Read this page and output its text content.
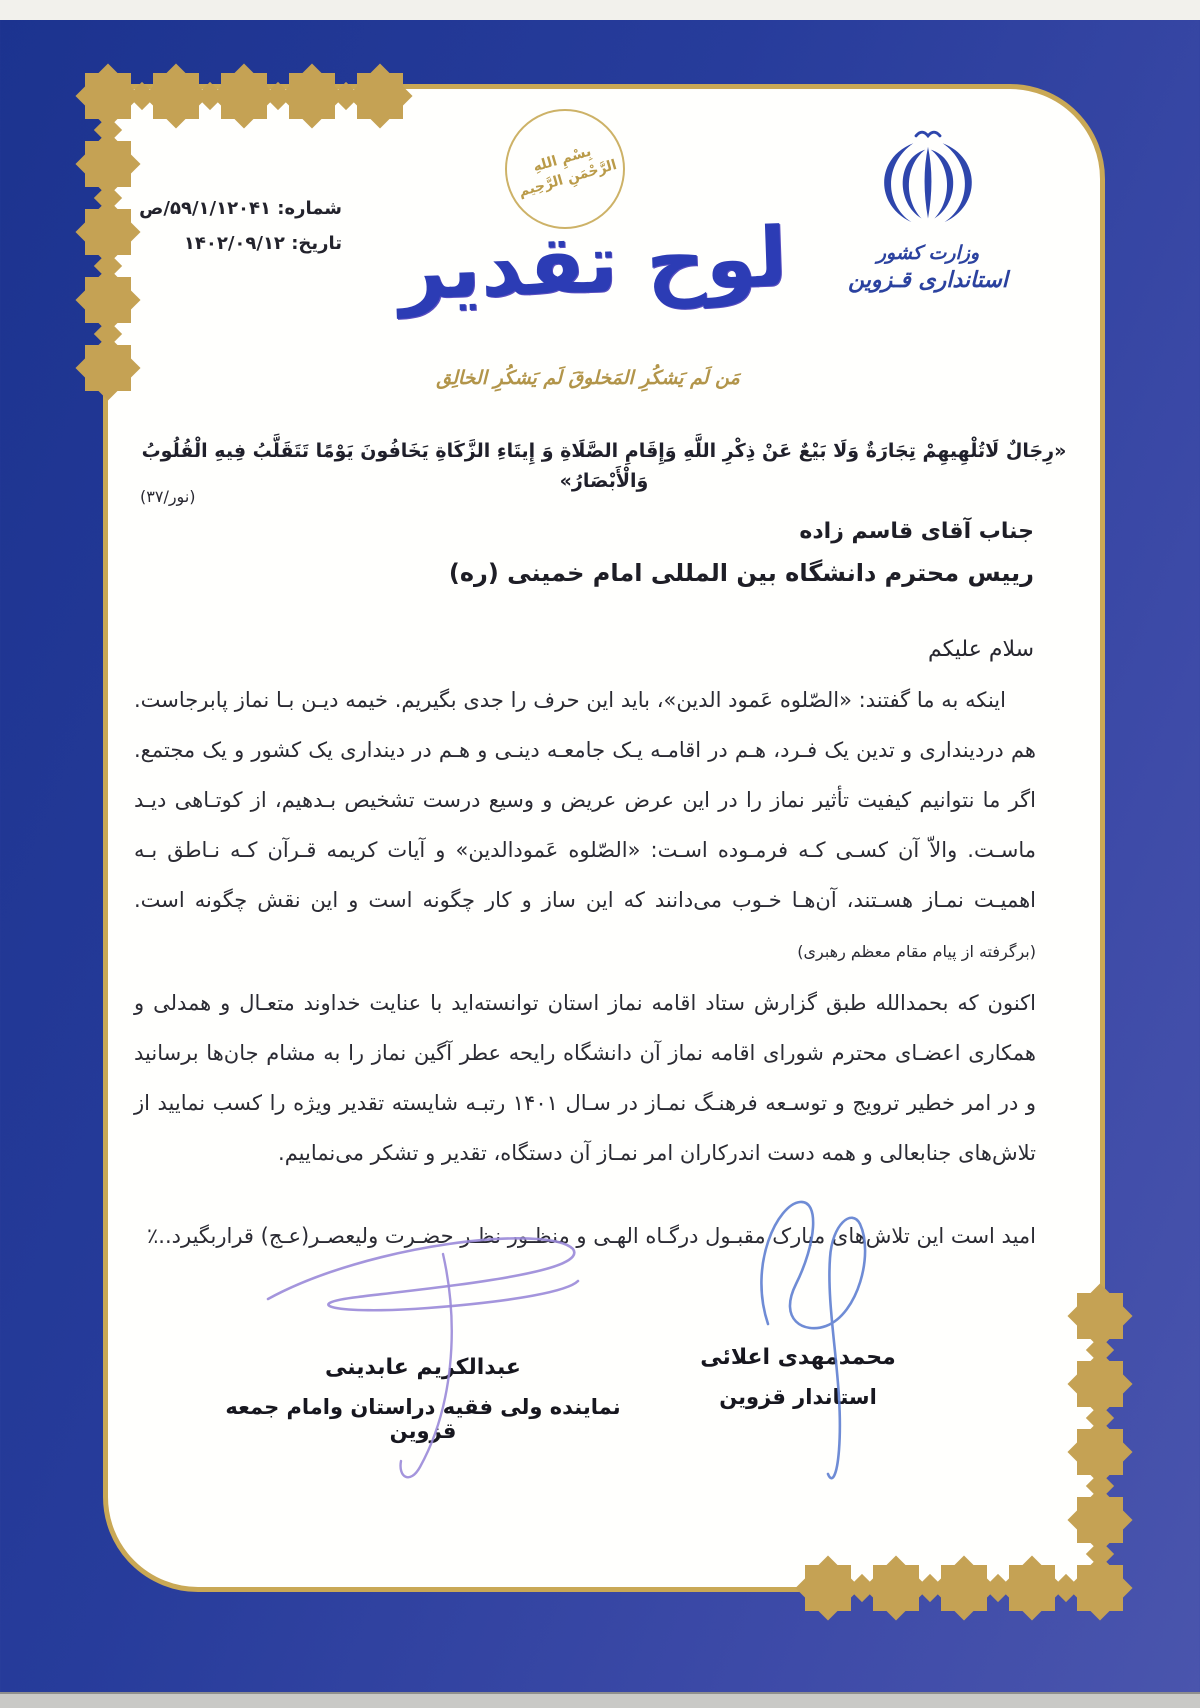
شماره: ۵۹/۱/۱۲۰۴۱/ص
تاریخ: ۱۴۰۲/۰۹/۱۲
بِسْمِ اللهِ الرَّحْمَنِ الرَّحِیم
لوح تقدیر
مَن لَم یَشکُرِ المَخلوقَ لَم یَشکُرِ الخالِق
وزارت کشور
استانداری قـزوین
«رِجَالٌ لَاتُلْهِيهِمْ تِجَارَةٌ وَلَا بَيْعٌ عَنْ ذِكْرِ اللَّهِ وَإِقَامِ الصَّلَاةِ وَ إِيتَاءِ الزَّكَاةِ يَخَافُونَ يَوْمًا تَتَقَلَّبُ فِيهِ الْقُلُوبُ وَالْأَبْصَارُ»
(نور/۳۷)
جناب آقای قاسم زاده
رییس محترم دانشگاه بین المللی امام خمینی (ره)
سلام علیکم
اینکه به ما گفتند: «الصّلوه عَمود الدین»، باید این حرف را جدی بگیریم. خیمه دیـن بـا نماز پابرجاست. هم دردینداری و تدین یک فـرد، هـم در اقامـه یـک جامعـه دینـی و هـم در دینداری یک کشور و یک مجتمع. اگر ما نتوانیم کیفیت تأثیر نماز را در این عرض عریض و وسیع درست تشخیص بـدهیم، از کوتـاهی دیـد ماسـت. والاّ آن کسـی کـه فرمـوده اسـت: «الصّلوه عَمودالدین» و آیات کریمه قـرآن کـه نـاطق بـه اهمیـت نمـاز هسـتند، آن‌هـا خـوب می‌دانند که این ساز و کار چگونه است و این نقش چگونه است.(برگرفته از پیام مقام معظم رهبری)
اکنون که بحمدالله طبق گزارش ستاد اقامه نماز استان توانسته‌اید با عنایت خداوند متعـال و همدلی و همکاری اعضـای محترم شورای اقامه نماز آن دانشگاه رایحه عطر آگین نماز را به مشام جان‌ها برسانید و در امر خطیر ترویج و توسـعه فرهنـگ نمـاز در سـال ۱۴۰۱ رتبـه شایسته تقدیر ویژه را کسب نمایید از تلاش‌های جنابعالی و همه دست اندرکاران امر نمـاز آن دستگاه، تقدیر و تشکر می‌نماییم.
امید است این تلاش‌های مبارک مقبـول درگـاه الهـی و منظـور نظـر حضـرت ولیعصـر(عـج) قراربگیرد..٪
محمدمهدی اعلائی
استاندار قزوین
عبدالکریم عابدینی
نماینده ولی فقیه دراستان وامام جمعه قزوین
